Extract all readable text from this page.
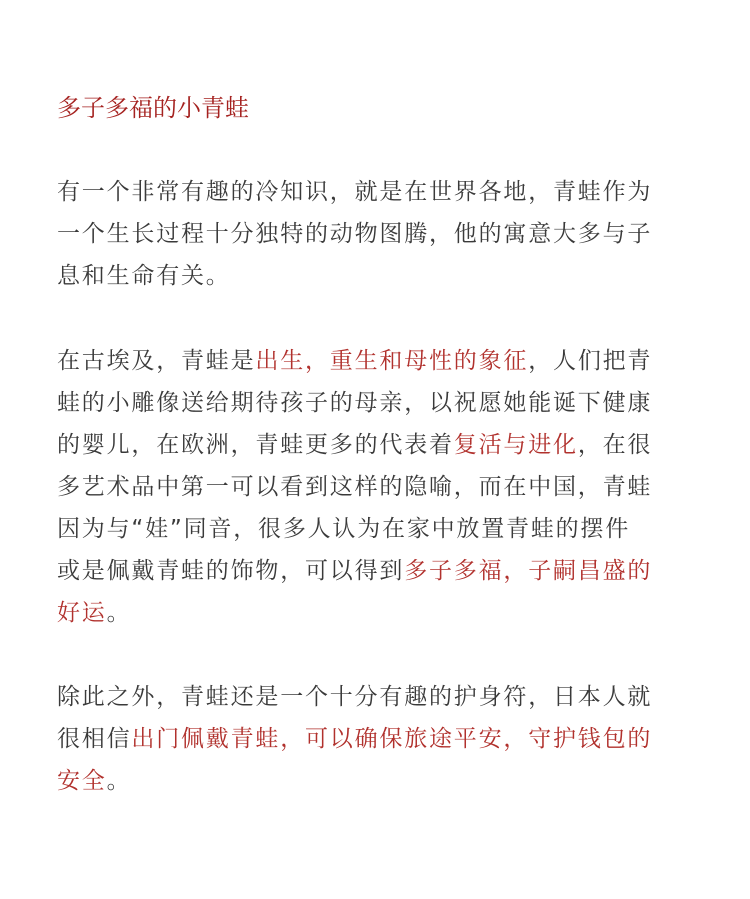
多子多福的小青蛙

有一个非常有趣的冷知识，就是在世界各地，青蛙作为
一个生长过程十分独特的动物图腾，他的寓意大多与子
息和生命有关。

在古埃及，青蛙是出生，重生和母性的象征，人们把青
蛙的小雕像送给期待孩子的母亲，以祝愿她能诞下健康
的婴儿，在欧洲，青蛙更多的代表着复活与进化，在很
多艺术品中第一可以看到这样的隐喻，而在中国，青蛙
因为与“娃”同音，很多人认为在家中放置青蛙的摆件
或是佩戴青蛙的饰物，可以得到多子多福，子嗣昌盛的
好运。

除此之外，青蛙还是一个十分有趣的护身符，日本人就
很相信出门佩戴青蛙，可以确保旅途平安，守护钱包的
安全。
